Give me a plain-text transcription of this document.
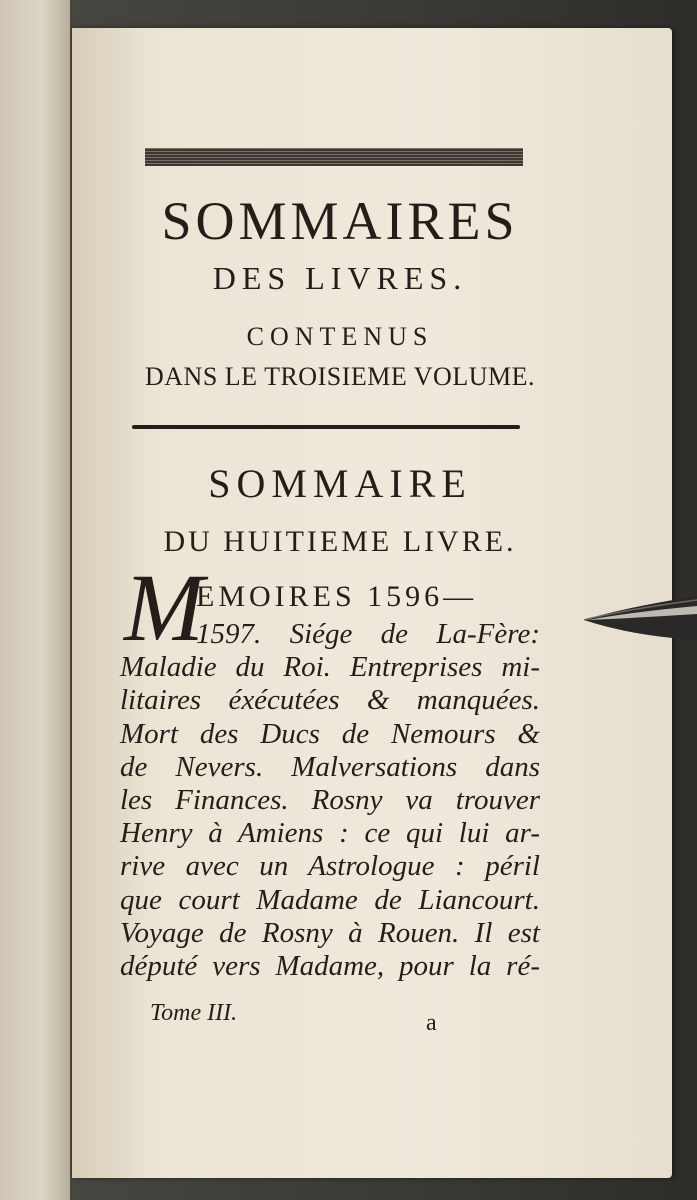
SOMMAIRES
DES LIVRES.
CONTENUS
DANS LE TROISIEME VOLUME.
SOMMAIRE
DU HUITIEME LIVRE.
M
EMOIRES 1596—
1597. Siége de La-Fère:
Maladie du Roi. Entreprises mi-
litaires éxécutées & manquées.
Mort des Ducs de Nemours &
de Nevers. Malversations dans
les Finances. Rosny va trouver
Henry à Amiens : ce qui lui ar-
rive avec un Astrologue : péril
que court Madame de Liancourt.
Voyage de Rosny à Rouen. Il est
député vers Madame, pour la ré-
Tome III.	a
